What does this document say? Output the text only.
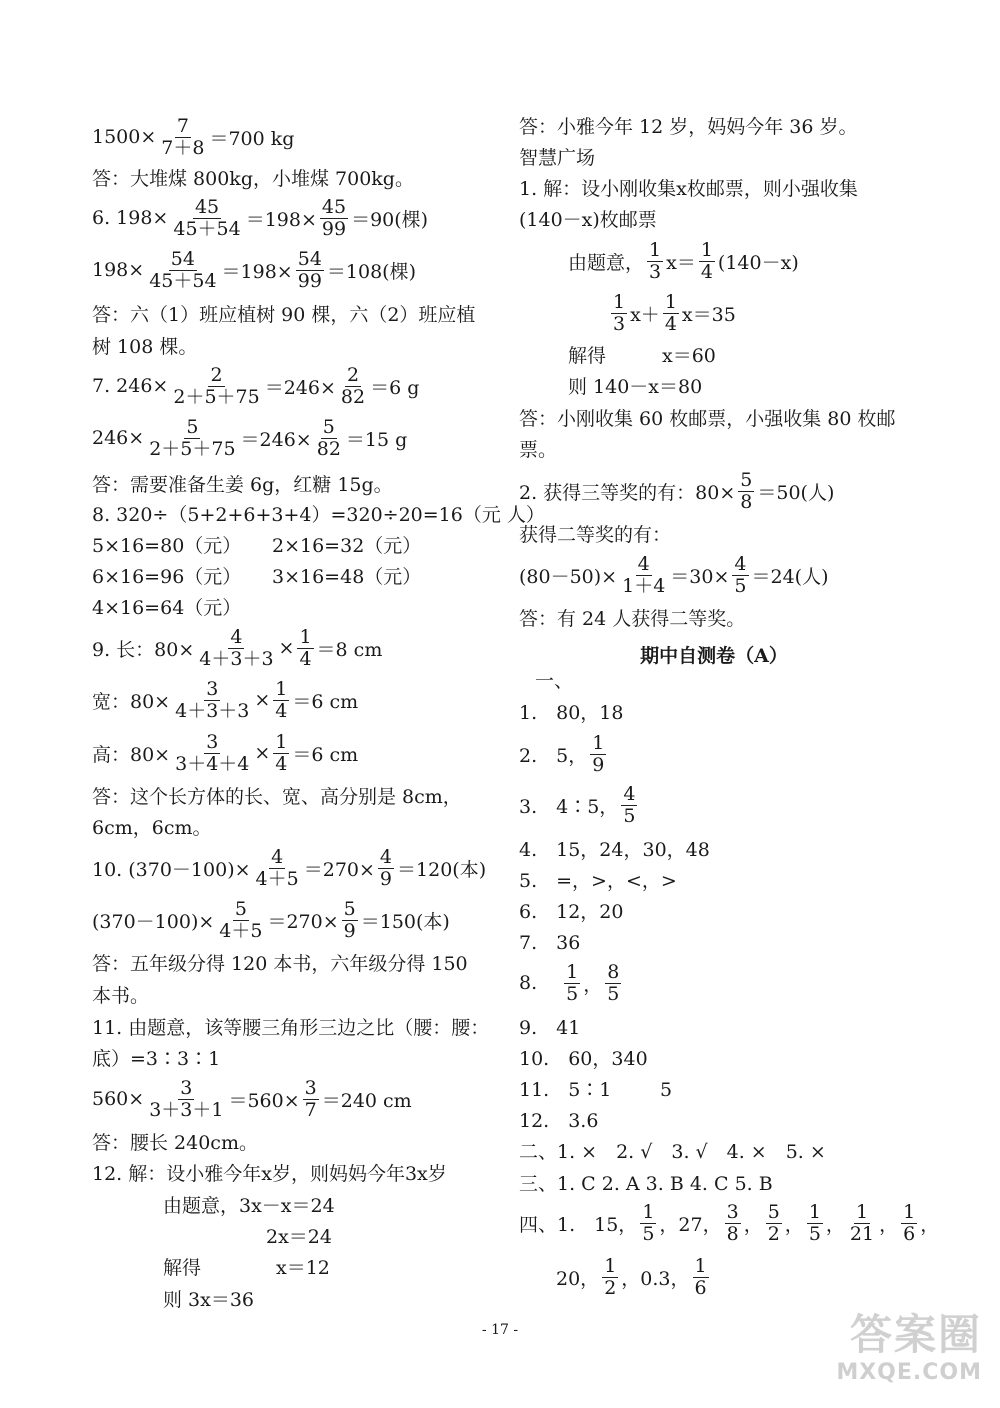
$1500\times \frac{7}{7+8} =700$ kg
答：大堆煤 800kg，小堆煤 700kg。
6. $198\times \frac{45}{45+54} =198\times \frac{45}{99} =90$(棵)
$198\times \frac{54}{45+54} =198\times \frac{54}{99} =108$(棵)
答：六（1）班应植树 90 棵，六（2）班应植
树 108 棵。
7. $246\times \frac{2}{2+5+75} =246\times \frac{2}{82} =6$ g
$246\times \frac{5}{2+5+75} =246\times \frac{5}{82} =15$ g
答：需要准备生姜 6g，红糖 15g。
8. 320÷（5+2+6+3+4）=320÷20=16（元 人）
5×16=80（元） 2×16=32（元）
6×16=96（元） 3×16=48（元）
4×16=64（元）
9. 长：$80\times \frac{4}{4+3+3} \times \frac{1}{4} =8$ cm
宽：$80\times \frac{3}{4+3+3} \times \frac{1}{4} =6$ cm
高：$80\times \frac{3}{3+4+4} \times \frac{1}{4} =6$ cm
答：这个长方体的长、宽、高分别是 8cm，
6cm，6cm。
10. $(370-100)\times \frac{4}{4+5} =270\times \frac{4}{9} =120$(本)
$(370-100)\times \frac{5}{4+5} =270\times \frac{5}{9} =150$(本)
答：五年级分得 120 本书，六年级分得 150
本书。
11. 由题意，该等腰三角形三边之比（腰：腰：
底）=3∶3∶1
$560\times \frac{3}{3+3+1} =560\times \frac{3}{7} =240$ cm
答：腰长 240cm。
12. 解：设小雅今年x岁，则妈妈今年3x岁
由题意，3x－x＝24
2x＝24
解得	x＝12
则 3x＝36
答：小雅今年 12 岁，妈妈今年 36 岁。
智慧广场
1. 解：设小刚收集x枚邮票，则小强收集
(140－x)枚邮票
由题意，
1
3 x＝
1
4 (140－x)
1
3 x＋
1
4 x＝35
解得	x＝60
则 140－x＝80
答：小刚收集 60 枚邮票，小强收集 80 枚邮
票。
2. 获得三等奖的有：$80\times \frac{5}{8} =50$(人)
获得二等奖的有：
$(80-50)\times \frac{4}{1+4} =30\times \frac{4}{5} =24$(人)
答：有 24 人获得二等奖。
期中自测卷（A）
一、
1.　80，18
2.　5，
1
9
3.　4∶5，
4
5
4.　15，24，30，48
5.　=，>，<，>
6.　12，20
7.　36
8.
1
5 ，
8
5
9.　41
10.　60，340
11.　5∶1	5
12.　3.6
二、1. ×　2. √　3. √　4. ×　5. ×
三、1. C 2. A 3. B 4. C 5. B
四、1.　15，
1
5 ，27，
3
8 ，
5
2 ，
1
5 ，
1
21 ，
1
6 ，
20，
1
2 ，0.3，
1
6
- 17 -	答案圈
MXQE.COM
